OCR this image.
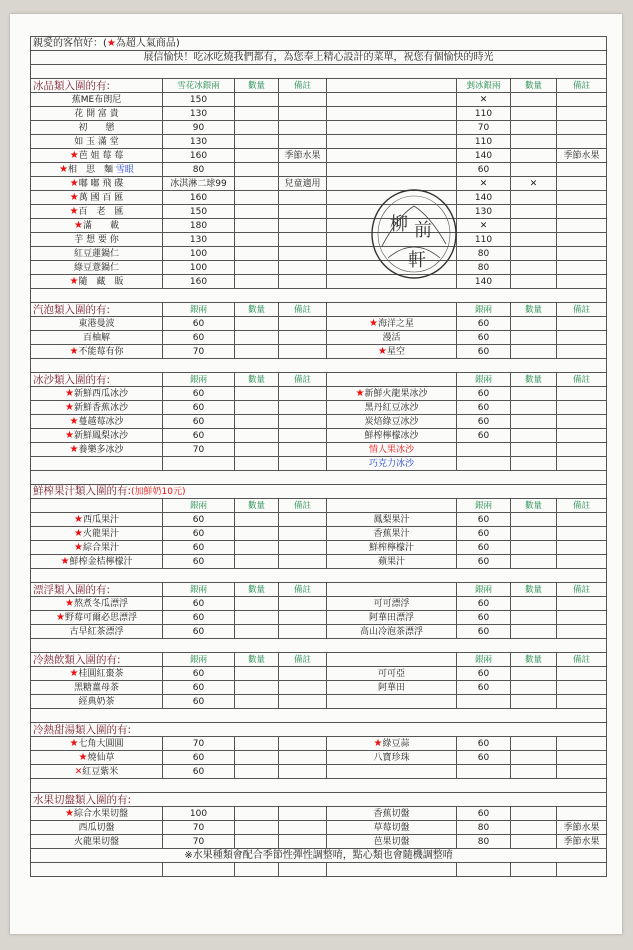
親愛的客倌好：(★為超人氣商品)							
展信愉快！吃冰吃燒我們都有，為您奉上精心設計的菜單，祝您有個愉快的時光							

冰品類入圍的有:	雪花冰銀兩	數量	備註		剉冰銀兩	數量	備註
蕉ME布朗尼	150				✕		
花 開 富 貴	130				110		
初　　戀	90				70		
如 玉 滿 堂	130				110		
★芭 姐 莓 莓	160		季節水果		140		季節水果
★相　思　麵 雪眼	80				60		
★嘟 嘟 飛 碟	冰淇淋二球99		兒童適用		✕	✕	
★萬 國 百 匯	160				140		
★百　老　匯	150				130		
★滿　　載	180				✕		
芋 想 要 你	130				110		
紅豆蓮鍋仁	100				80		
綠豆薏鍋仁	100				80		
★隨　藏　販	160				140		

汽泡類入圍的有:	銀兩	數量	備註		銀兩	數量	備註
東港曼波	60			★海洋之星	60		
百柚解	60			漫活	60		
★不能莓有你	70			★星空	60		

冰沙類入圍的有:	銀兩	數量	備註		銀兩	數量	備註
★新鮮西瓜冰沙	60			★新鮮火龍果冰沙	60		
★新鮮香蕉冰沙	60			黑丹紅豆冰沙	60		
★蔓越莓冰沙	60			炭焙綠豆冰沙	60		
★新鮮鳳梨冰沙	60			鮮榨檸檬冰沙	60		
★養樂多冰沙	70			情人果冰沙			
				巧克力冰沙			

鮮榨果汁類入圍的有:(加鮮奶10元)							
	銀兩	數量	備註		銀兩	數量	備註
★西瓜果汁	60			鳳梨果汁	60		
★火龍果汁	60			香蕉果汁	60		
★綜合果汁	60			鮮榨檸檬汁	60		
★鮮榨金桔檸檬汁	60			蘋果汁	60		

漂浮類入圍的有:	銀兩	數量	備註		銀兩	數量	備註
★熬煮冬瓜漂浮	60			可可漂浮	60		
★野莓可爾必思漂浮	60			阿華田漂浮	60		
古早紅茶漂浮	60			高山冷泡茶漂浮	60		

冷熱飲類入圍的有:	銀兩	數量	備註		銀兩	數量	備註
★桂圓紅棗茶	60			可可亞	60		
黑糖薑母茶	60			阿華田	60		
經典奶茶	60						

冷熱甜湯類入圍的有:							
★七角大圓圓	70			★綠豆蒜	60		
★燒仙草	60			八寶珍珠	60		
✕紅豆紫米	60						

水果切盤類入圍的有:							
★綜合水果切盤	100			香蕉切盤	60		
西瓜切盤	70			草莓切盤	80		季節水果
火龍果切盤	70			芭果切盤	80		季節水果
※水果種類會配合季節性彈性調整唷，點心類也會隨機調整唷							

柳 前
軒
